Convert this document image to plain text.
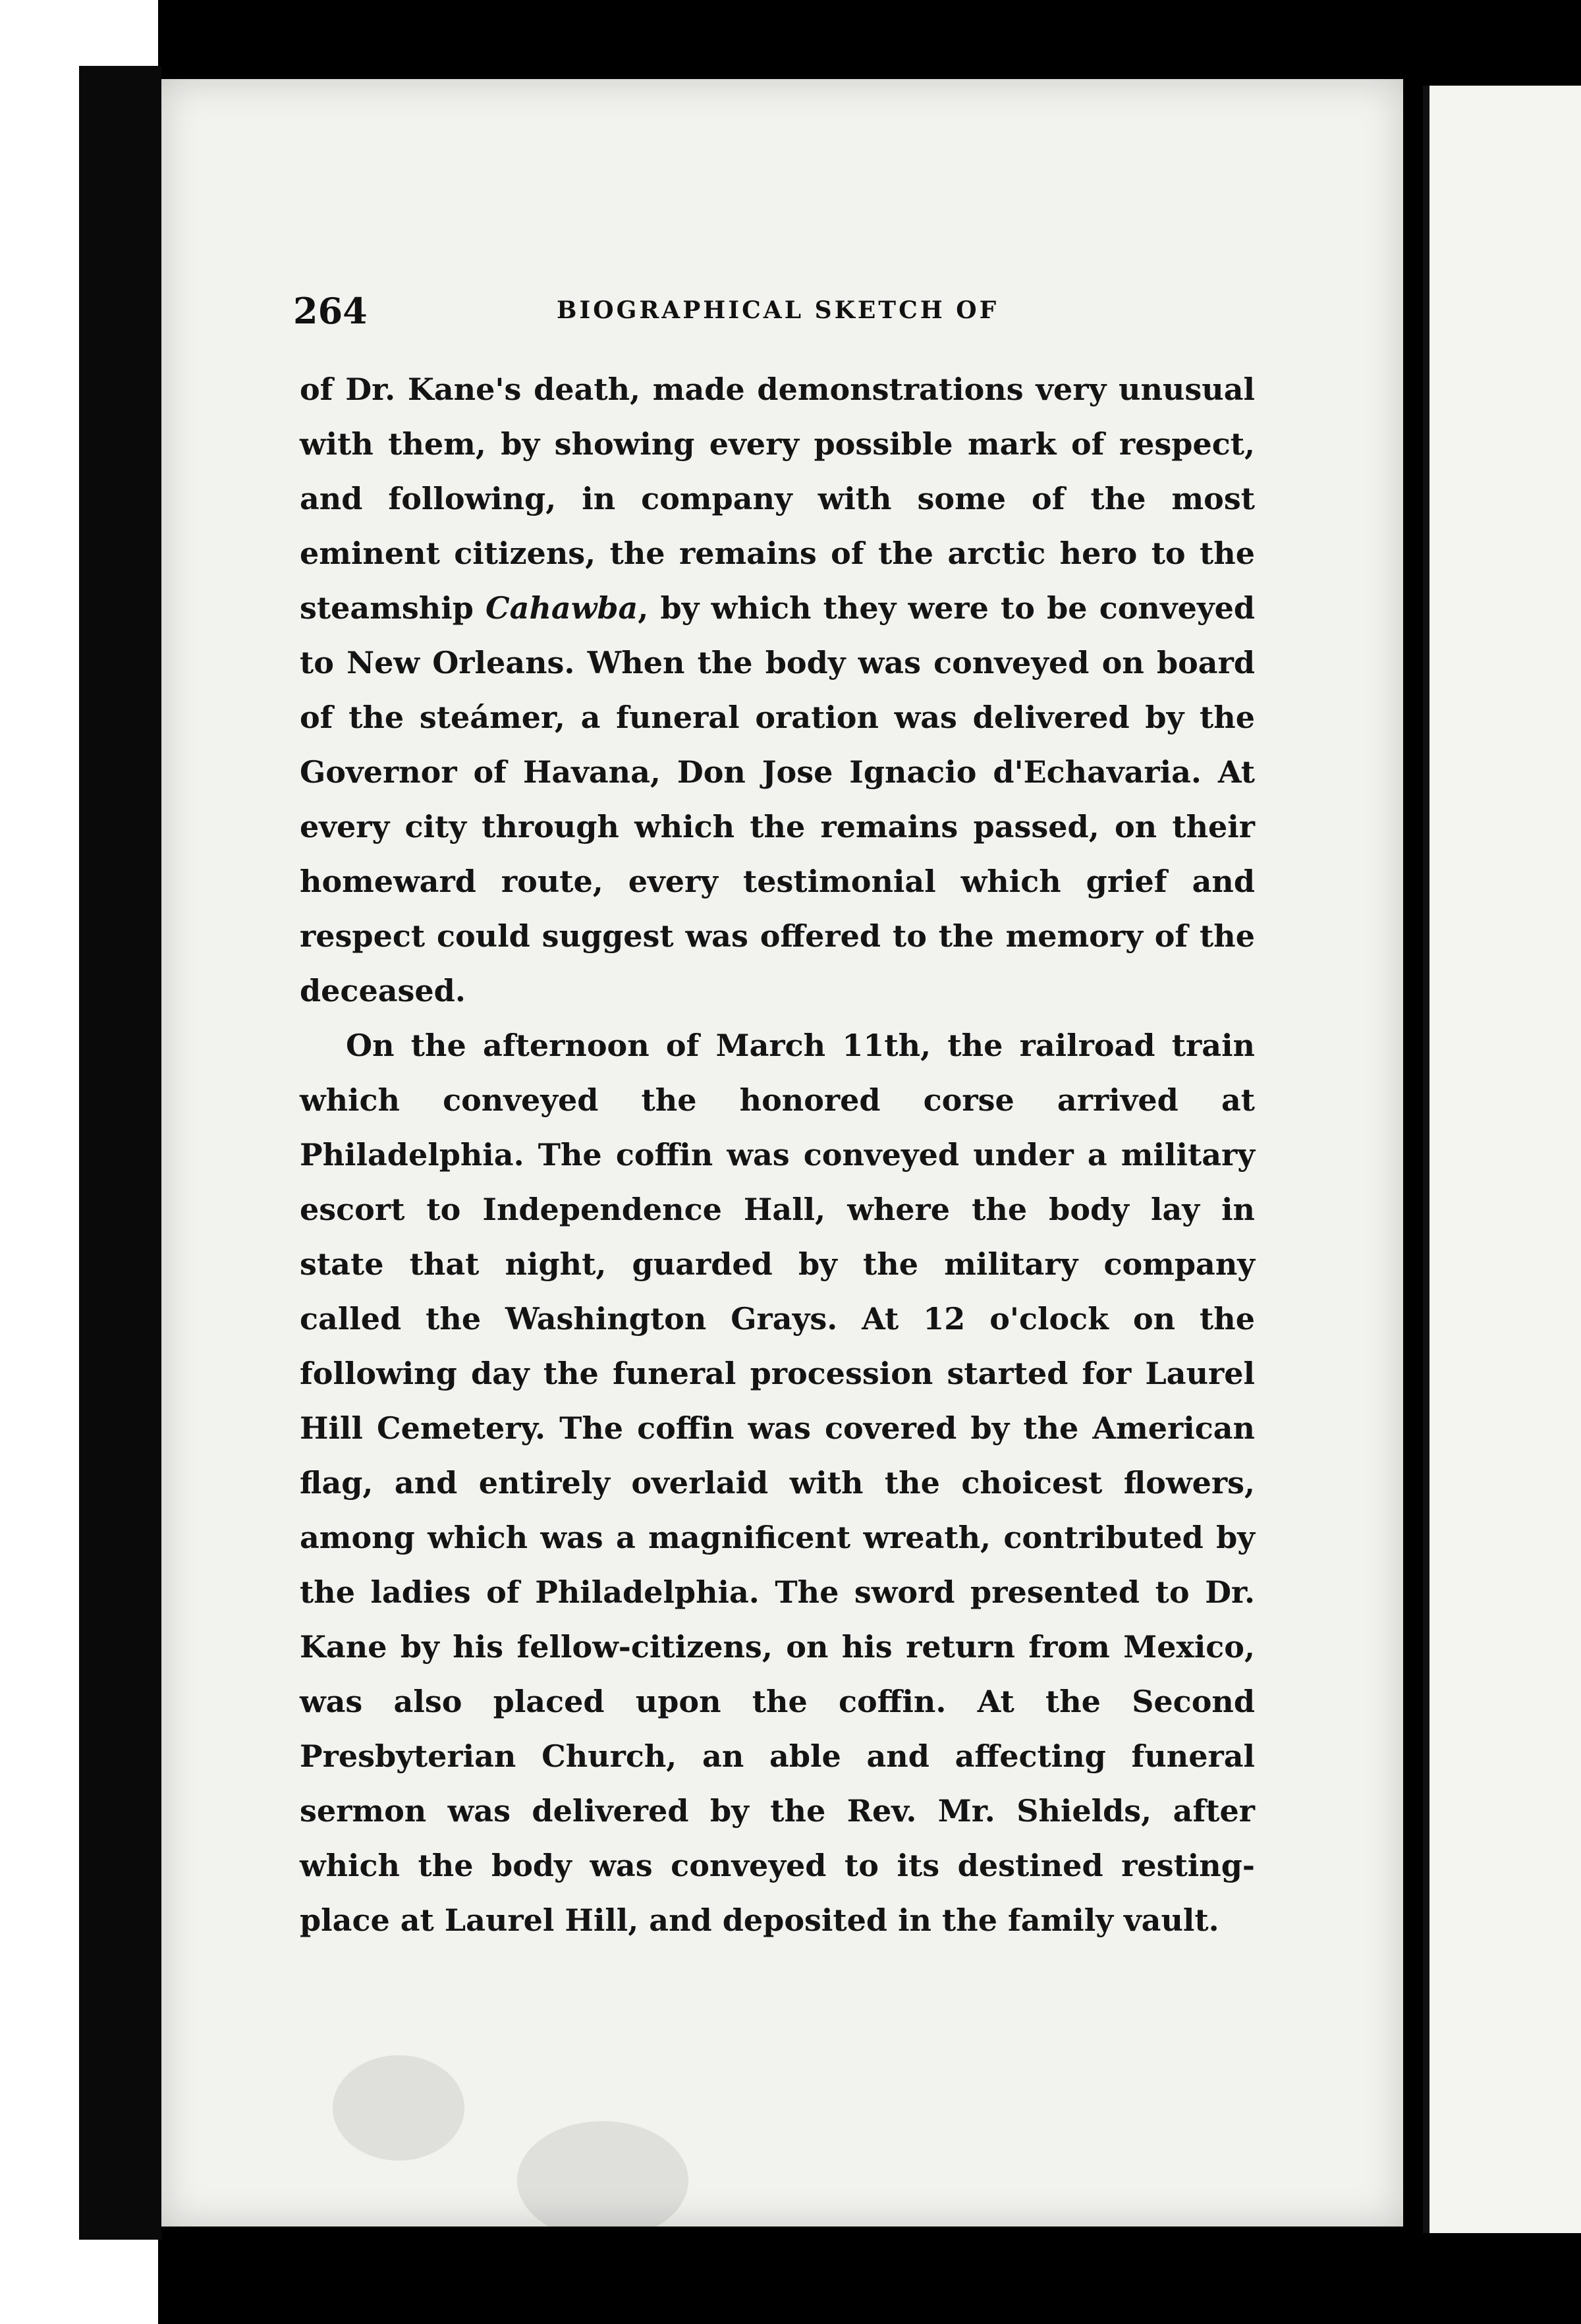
264	BIOGRAPHICAL SKETCH OF

of Dr. Kane's death, made demonstrations very unusual with them, by showing every possible mark of respect, and following, in company with some of the most eminent citizens, the remains of the arctic hero to the steamship Cahawba, by which they were to be conveyed to New Orleans. When the body was conveyed on board of the steámer, a funeral oration was delivered by the Governor of Havana, Don Jose Ignacio d'Echavaria. At every city through which the remains passed, on their homeward route, every testimonial which grief and respect could suggest was offered to the memory of the deceased.

On the afternoon of March 11th, the railroad train which conveyed the honored corse arrived at Philadelphia. The coffin was conveyed under a military escort to Independence Hall, where the body lay in state that night, guarded by the military company called the Washington Grays. At 12 o'clock on the following day the funeral procession started for Laurel Hill Cemetery. The coffin was covered by the American flag, and entirely overlaid with the choicest flowers, among which was a magnificent wreath, contributed by the ladies of Philadelphia. The sword presented to Dr. Kane by his fellow-citizens, on his return from Mexico, was also placed upon the coffin. At the Second Presbyterian Church, an able and affecting funeral sermon was delivered by the Rev. Mr. Shields, after which the body was conveyed to its destined resting-place at Laurel Hill, and deposited in the family vault.
